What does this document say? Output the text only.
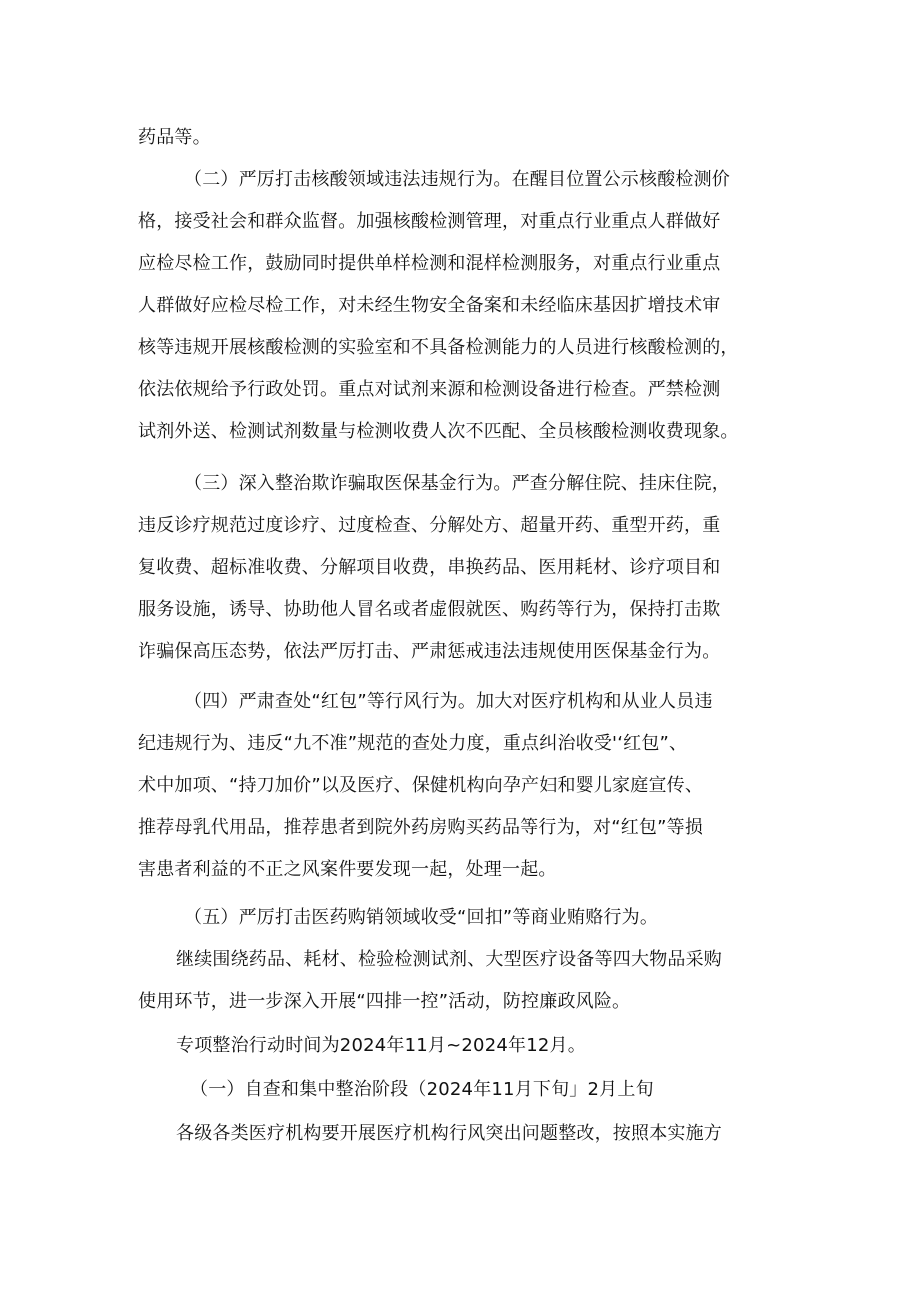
药品等。
（二）严厉打击核酸领域违法违规行为。在醒目位置公示核酸检测价
格，接受社会和群众监督。加强核酸检测管理，对重点行业重点人群做好
应检尽检工作，鼓励同时提供单样检测和混样检测服务，对重点行业重点
人群做好应检尽检工作，对未经生物安全备案和未经临床基因扩增技术审
核等违规开展核酸检测的实验室和不具备检测能力的人员进行核酸检测的，
依法依规给予行政处罚。重点对试剂来源和检测设备进行检查。严禁检测
试剂外送、检测试剂数量与检测收费人次不匹配、全员核酸检测收费现象。
（三）深入整治欺诈骗取医保基金行为。严查分解住院、挂床住院，
违反诊疗规范过度诊疗、过度检查、分解处方、超量开药、重型开药，重
复收费、超标准收费、分解项目收费，串换药品、医用耗材、诊疗项目和
服务设施，诱导、协助他人冒名或者虚假就医、购药等行为，保持打击欺
诈骗保高压态势，依法严厉打击、严肃惩戒违法违规使用医保基金行为。
（四）严肃查处“红包”等行风行为。加大对医疗机构和从业人员违
纪违规行为、违反“九不准”规范的查处力度，重点纠治收受'‘红包”、
术中加项、“持刀加价”以及医疗、保健机构向孕产妇和婴儿家庭宣传、
推荐母乳代用品，推荐患者到院外药房购买药品等行为，对“红包”等损
害患者利益的不正之风案件要发现一起，处理一起。
（五）严厉打击医药购销领域收受“回扣”等商业贿赂行为。
继续围绕药品、耗材、检验检测试剂、大型医疗设备等四大物品采购
使用环节，进一步深入开展“四排一控”活动，防控廉政风险。
专项整治行动时间为2024年11月~2024年12月。
（一）自查和集中整治阶段（2024年11月下旬」2月上旬
各级各类医疗机构要开展医疗机构行风突出问题整改，按照本实施方
